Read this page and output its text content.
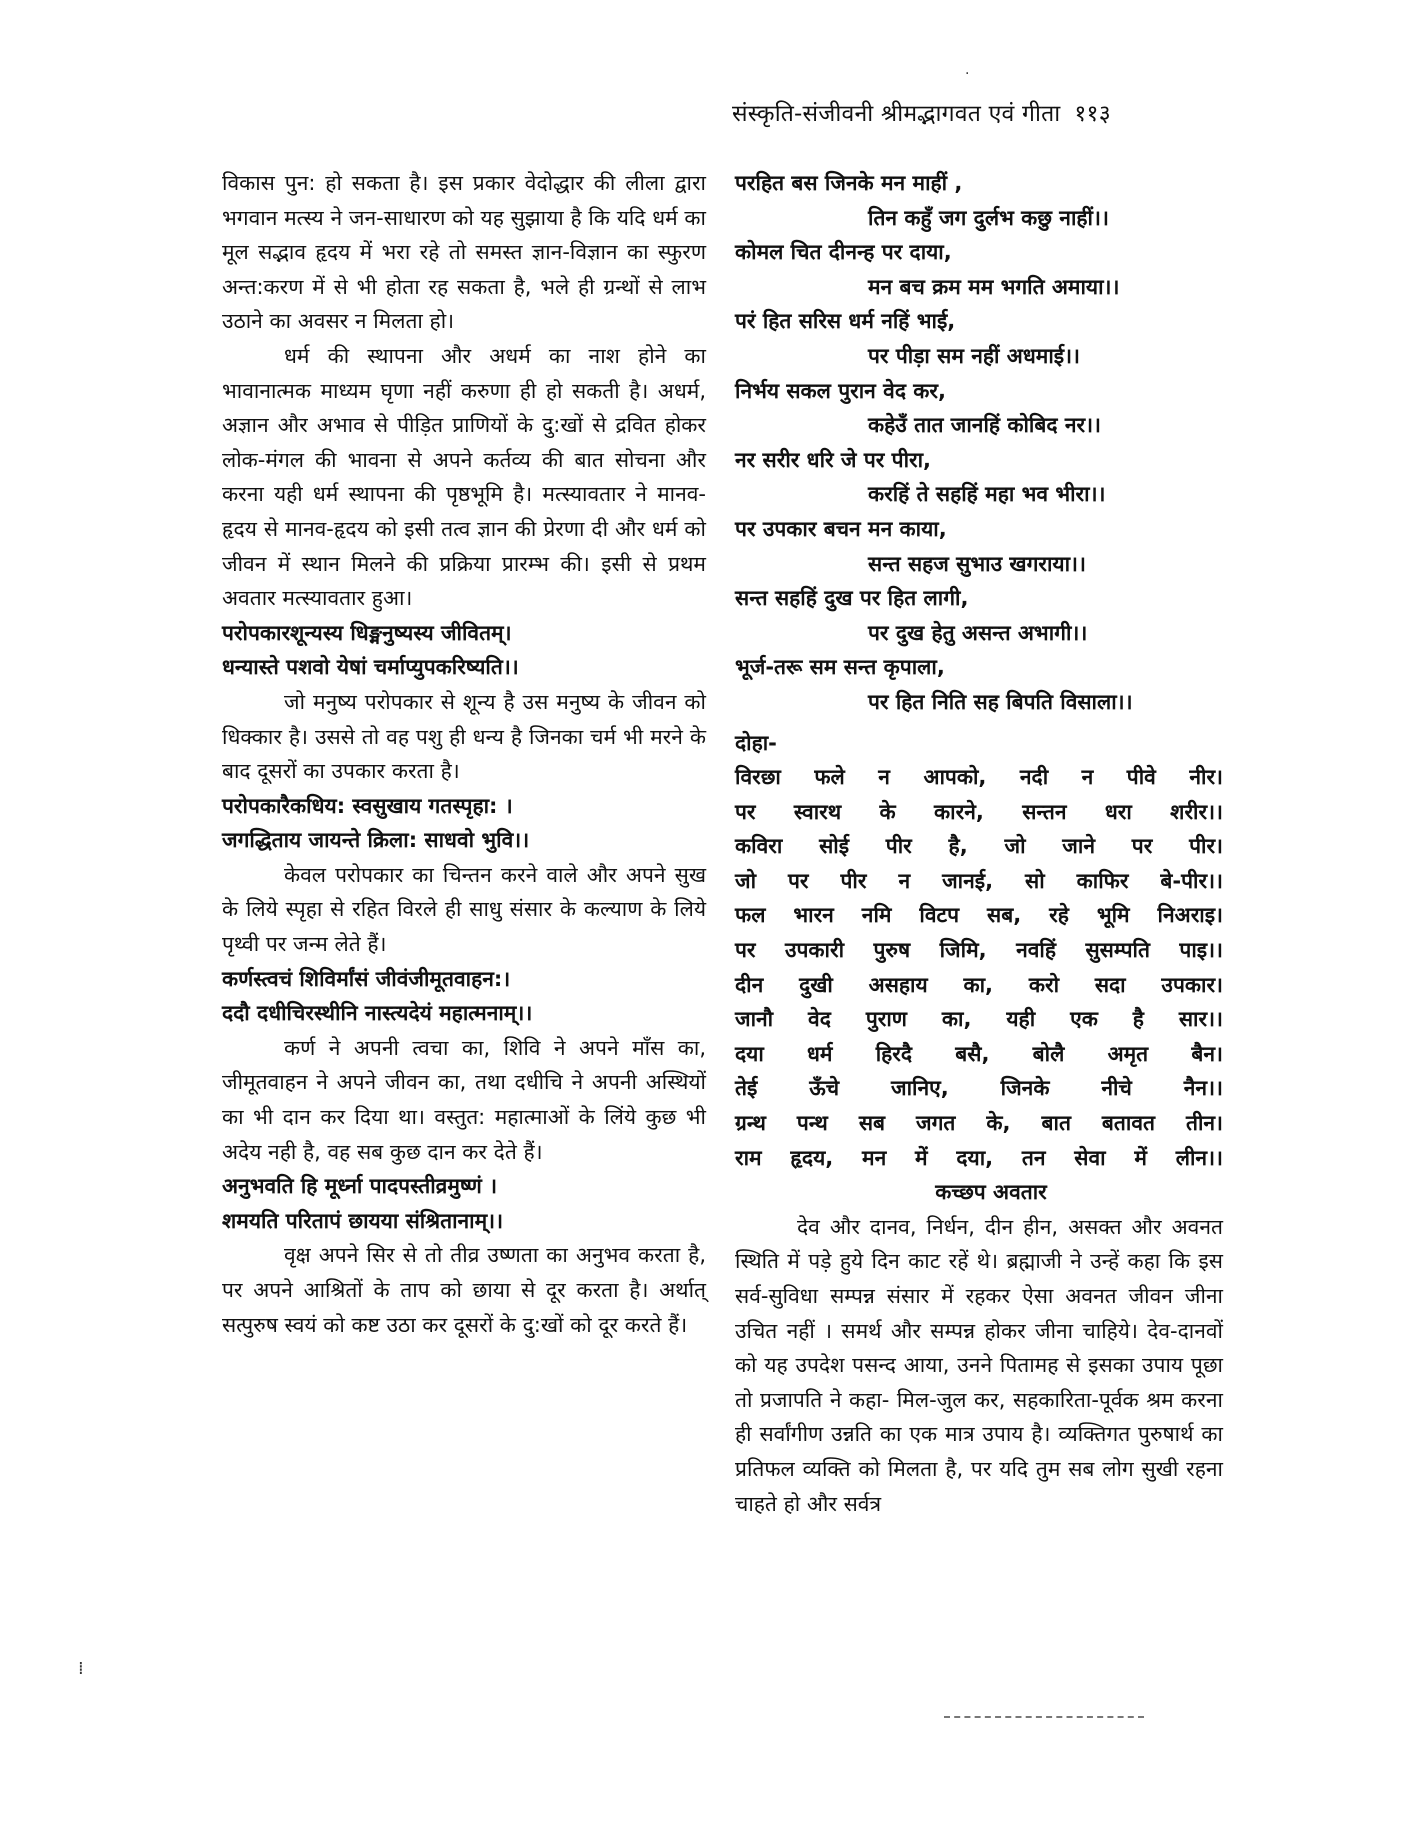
·
⁞
संस्कृति-संजीवनी श्रीमद्भागवत एवं गीता ११३

विकास पुन: हो सकता है। इस प्रकार वेदोद्धार की लीला द्वारा भगवान मत्स्य ने जन-साधारण को यह सुझाया है कि यदि धर्म का मूल सद्भाव हृदय में भरा रहे तो समस्त ज्ञान-विज्ञान का स्फुरण अन्त:करण में से भी होता रह सकता है, भले ही ग्रन्थों से लाभ उठाने का अवसर न मिलता हो।

धर्म की स्थापना और अधर्म का नाश होने का भावानात्मक माध्यम घृणा नहीं करुणा ही हो सकती है। अधर्म, अज्ञान और अभाव से पीड़ित प्राणियों के दु:खों से द्रवित होकर लोक-मंगल की भावना से अपने कर्तव्य की बात सोचना और करना यही धर्म स्थापना की पृष्ठभूमि है। मत्स्यावतार ने मानव-हृदय से मानव-हृदय को इसी तत्व ज्ञान की प्रेरणा दी और धर्म को जीवन में स्थान मिलने की प्रक्रिया प्रारम्भ की। इसी से प्रथम अवतार मत्स्यावतार हुआ।

परोपकारशून्यस्य धिङ्मनुष्यस्य जीवितम्।

धन्यास्ते पशवो येषां चर्माप्युपकरिष्यति।।

जो मनुष्य परोपकार से शून्य है उस मनुष्य के जीवन को धिक्कार है। उससे तो वह पशु ही धन्य है जिनका चर्म भी मरने के बाद दूसरों का उपकार करता है।

परोपकारैकधिय: स्वसुखाय गतस्पृहा: ।

जगद्धिताय जायन्ते क्रिला: साधवो भुवि।।

केवल परोपकार का चिन्तन करने वाले और अपने सुख के लिये स्पृहा से रहित विरले ही साधु संसार के कल्याण के लिये पृथ्वी पर जन्म लेते हैं।

कर्णस्त्वचं शिविर्मांसं जीवंजीमूतवाहन:।

ददौ दधीचिरस्थीनि नास्त्यदेयं महात्मनाम्।।

कर्ण ने अपनी त्वचा का, शिवि ने अपने माँस का, जीमूतवाहन ने अपने जीवन का, तथा दधीचि ने अपनी अस्थियों का भी दान कर दिया था। वस्तुत: महात्माओं के लिंये कुछ भी अदेय नही है, वह सब कुछ दान कर देते हैं।

अनुभवति हि मूर्ध्ना पादपस्तीव्रमुष्णं ।

शमयति परितापं छायया संश्रितानाम्।।

वृक्ष अपने सिर से तो तीव्र उष्णता का अनुभव करता है, पर अपने आश्रितों के ताप को छाया से दूर करता है। अर्थात् सत्पुरुष स्वयं को कष्ट उठा कर दूसरों के दु:खों को दूर करते हैं।

परहित बस जिनके मन माहीं ,

तिन कहुँ जग दुर्लभ कछु नाहीं।।

कोमल चित दीनन्ह पर दाया,

मन बच क्रम मम भगति अमाया।।

परं हित सरिस धर्म नहिं भाई,

पर पीड़ा सम नहीं अधमाई।।

निर्भय सकल पुरान वेद कर,

कहेउँ तात जानहिं कोबिद नर।।

नर सरीर धरि जे पर पीरा,

करहिं ते सहहिं महा भव भीरा।।

पर उपकार बचन मन काया,

सन्त सहज सुभाउ खगराया।।

सन्त सहहिं दुख पर हित लागी,

पर दुख हेतु असन्त अभागी।।

भूर्ज-तरू सम सन्त कृपाला,

पर हित निति सह बिपति विसाला।।

दोहा-

विरछा फले न आपको, नदी न पीवे नीर।

पर स्वारथ के कारने, सन्तन धरा शरीर।।

कविरा सोई पीर है, जो जाने पर पीर।

जो पर पीर न जानई, सो काफिर बे-पीर।।

फल भारन नमि विटप सब, रहे भूमि निअराइ।

पर उपकारी पुरुष जिमि, नवहिं सुसम्पति पाइ।।

दीन दुखी असहाय का, करो सदा उपकार।

जानौ वेद पुराण का, यही एक है सार।।

दया धर्म हिरदै बसै, बोलै अमृत बैन।

तेई ऊँचे जानिए, जिनके नीचे नैन।।

ग्रन्थ पन्थ सब जगत के, बात बतावत तीन।

राम हृदय, मन में दया, तन सेवा में लीन।।

कच्छप अवतार

देव और दानव, निर्धन, दीन हीन, असक्त और अवनत स्थिति में पड़े हुये दिन काट रहें थे। ब्रह्माजी ने उन्हें कहा कि इस सर्व-सुविधा सम्पन्न संसार में रहकर ऐसा अवनत जीवन जीना उचित नहीं । समर्थ और सम्पन्न होकर जीना चाहिये। देव-दानवों को यह उपदेश पसन्द आया, उनने पितामह से इसका उपाय पूछा तो प्रजापति ने कहा- मिल-जुल कर, सहकारिता-पूर्वक श्रम करना ही सर्वांगीण उन्नति का एक मात्र उपाय है। व्यक्तिगत पुरुषार्थ का प्रतिफल व्यक्ति को मिलता है, पर यदि तुम सब लोग सुखी रहना चाहते हो और सर्वत्र
